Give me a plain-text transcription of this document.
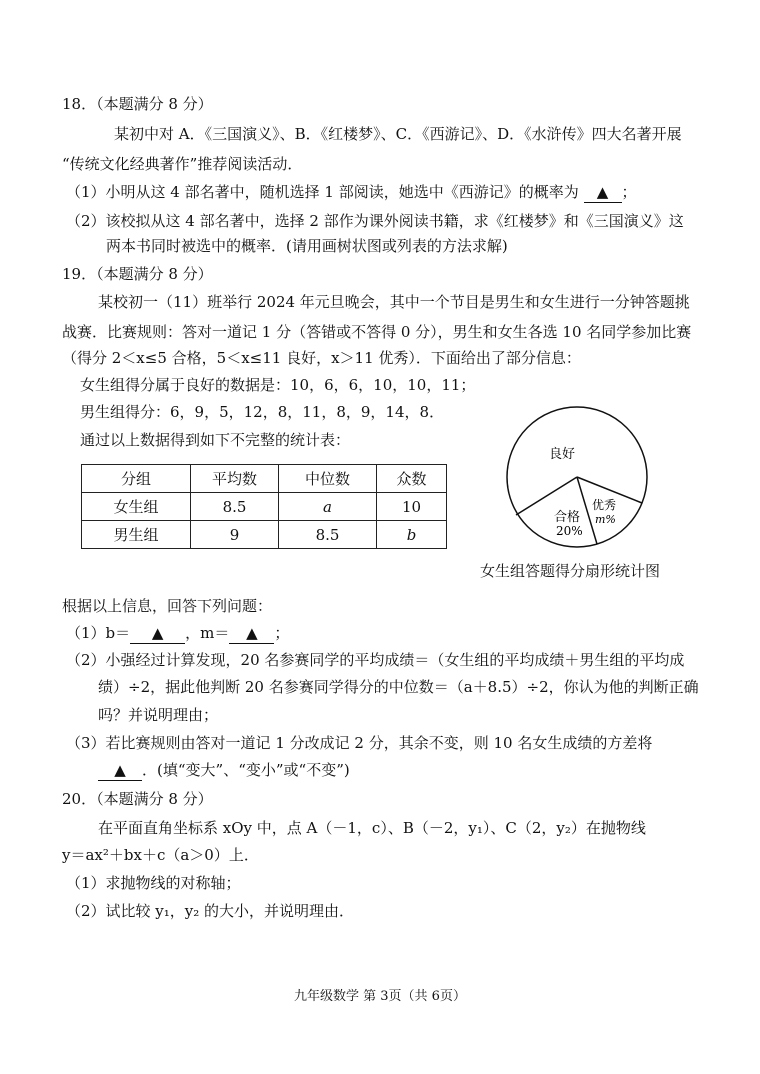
18．（本题满分 8 分）
某初中对 A．《三国演义》、B．《红楼梦》、C．《西游记》、D．《水浒传》四大名著开展
“传统文化经典著作”推荐阅读活动．
（1）小明从这 4 部名著中，随机选择 1 部阅读，她选中《西游记》的概率为 ▲ ；
（2）该校拟从这 4 部名著中，选择 2 部作为课外阅读书籍，求《红楼梦》和《三国演义》这
两本书同时被选中的概率．(请用画树状图或列表的方法求解)
19．（本题满分 8 分）
某校初一（11）班举行 2024 年元旦晚会，其中一个节目是男生和女生进行一分钟答题挑
战赛．比赛规则：答对一道记 1 分（答错或不答得 0 分），男生和女生各选 10 名同学参加比赛
（得分 2＜x≤5 合格，5＜x≤11 良好，x＞11 优秀）．下面给出了部分信息：
女生组得分属于良好的数据是：10，6，6，10，10，11；
男生组得分：6，9，5，12，8，11，8，9，14，8．
通过以上数据得到如下不完整的统计表：
分组	平均数	中位数	众数
女生组	8.5	a	10
男生组	9	8.5	b
良好
优秀
m%
合格
20%
女生组答题得分扇形统计图
根据以上信息，回答下列问题：
（1）b＝ ▲ ，m＝ ▲ ；
（2）小强经过计算发现，20 名参赛同学的平均成绩＝（女生组的平均成绩＋男生组的平均成
绩）÷2，据此他判断 20 名参赛同学得分的中位数＝（a＋8.5）÷2，你认为他的判断正确
吗？并说明理由；
（3）若比赛规则由答对一道记 1 分改成记 2 分，其余不变，则 10 名女生成绩的方差将
▲ ．(填“变大”、“变小”或“不变”)
20．（本题满分 8 分）
在平面直角坐标系 xOy 中，点 A（－1，c）、B（－2，y₁）、C（2，y₂）在抛物线
y＝ax²＋bx＋c（a＞0）上．
（1）求抛物线的对称轴；
（2）试比较 y₁，y₂ 的大小，并说明理由．
九年级数学 第 3页（共 6页）
